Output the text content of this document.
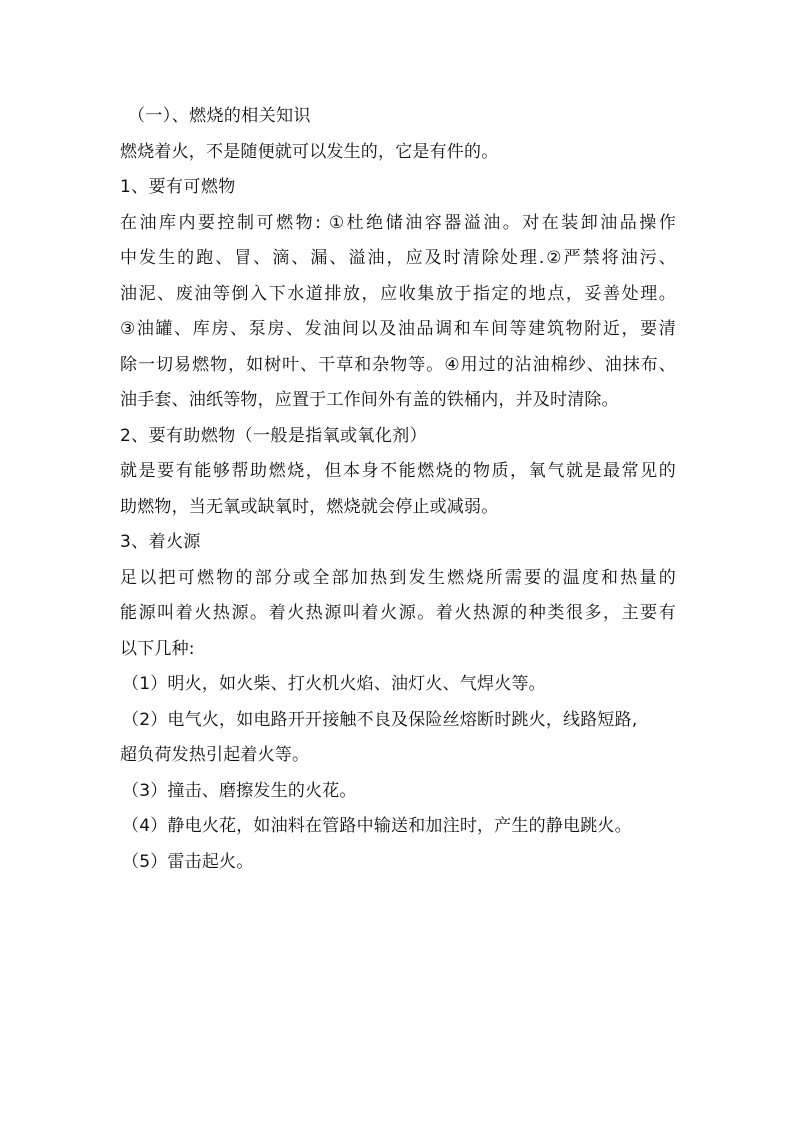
（一）、燃烧的相关知识
燃烧着火，不是随便就可以发生的，它是有件的。
1、要有可燃物
在油库内要控制可燃物: ①杜绝储油容器溢油。对在装卸油品操作
中发生的跑、冒、滴、漏、溢油，应及时清除处理.②严禁将油污、
油泥、废油等倒入下水道排放，应收集放于指定的地点，妥善处理。
③油罐、库房、泵房、发油间以及油品调和车间等建筑物附近，要清
除一切易燃物，如树叶、干草和杂物等。④用过的沾油棉纱、油抹布、
油手套、油纸等物，应置于工作间外有盖的铁桶内，并及时清除。
2、要有助燃物（一般是指氧或氧化剂）
就是要有能够帮助燃烧，但本身不能燃烧的物质，氧气就是最常见的
助燃物，当无氧或缺氧时，燃烧就会停止或减弱。
3、着火源
足以把可燃物的部分或全部加热到发生燃烧所需要的温度和热量的
能源叫着火热源。着火热源叫着火源。着火热源的种类很多，主要有
以下几种:
（1）明火，如火柴、打火机火焰、油灯火、气焊火等。
（2）电气火，如电路开开接触不良及保险丝熔断时跳火，线路短路,
超负荷发热引起着火等。
（3）撞击、磨擦发生的火花。
（4）静电火花，如油料在管路中输送和加注时，产生的静电跳火。
（5）雷击起火。
